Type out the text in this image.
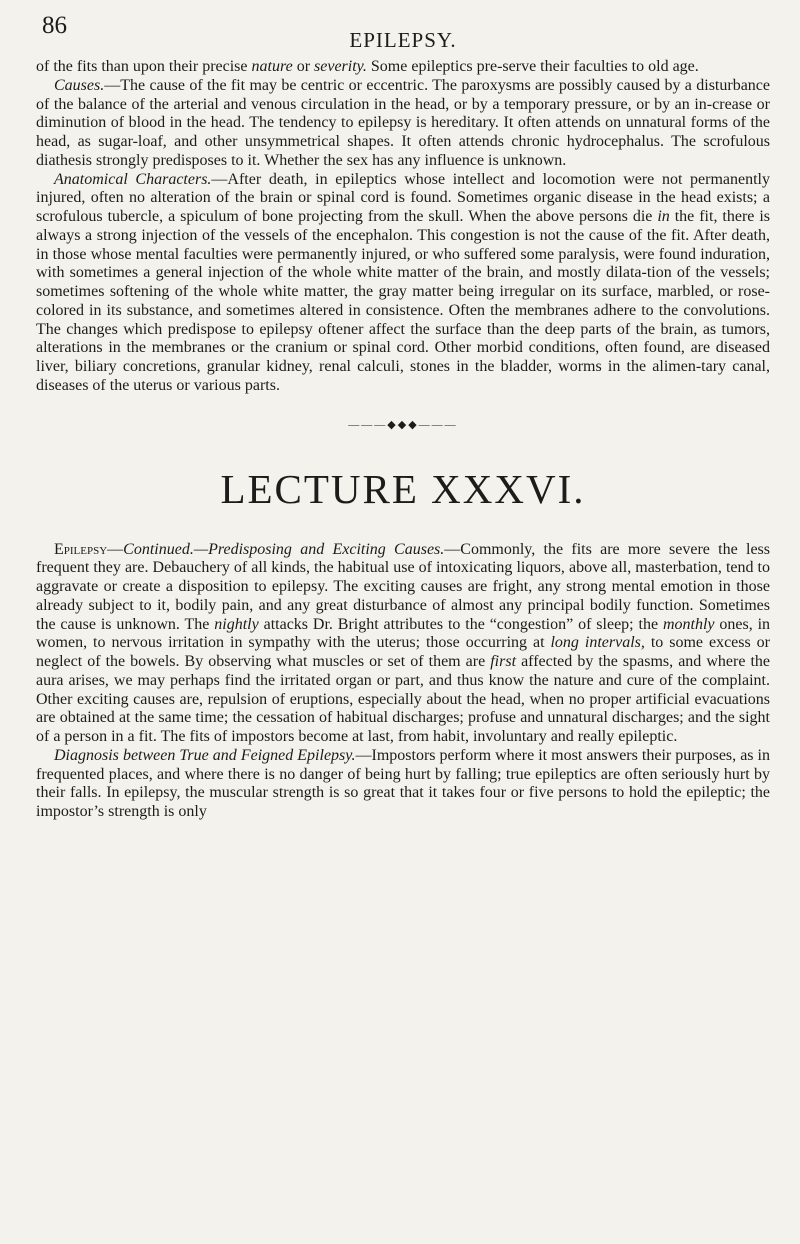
86
EPILEPSY.

of the fits than upon their precise nature or severity. Some epileptics pre-serve their faculties to old age.

Causes.—The cause of the fit may be centric or eccentric. The paroxysms are possibly caused by a disturbance of the balance of the arterial and venous circulation in the head, or by a temporary pressure, or by an in-crease or diminution of blood in the head. The tendency to epilepsy is hereditary. It often attends on unnatural forms of the head, as sugar-loaf, and other unsymmetrical shapes. It often attends chronic hydrocephalus. The scrofulous diathesis strongly predisposes to it. Whether the sex has any influence is unknown.

Anatomical Characters.—After death, in epileptics whose intellect and locomotion were not permanently injured, often no alteration of the brain or spinal cord is found. Sometimes organic disease in the head exists; a scrofulous tubercle, a spiculum of bone projecting from the skull. When the above persons die in the fit, there is always a strong injection of the vessels of the encephalon. This congestion is not the cause of the fit. After death, in those whose mental faculties were permanently injured, or who suffered some paralysis, were found induration, with sometimes a general injection of the whole white matter of the brain, and mostly dilata-tion of the vessels; sometimes softening of the whole white matter, the gray matter being irregular on its surface, marbled, or rose-colored in its substance, and sometimes altered in consistence. Often the membranes adhere to the convolutions. The changes which predispose to epilepsy oftener affect the surface than the deep parts of the brain, as tumors, alterations in the membranes or the cranium or spinal cord. Other morbid conditions, often found, are diseased liver, biliary concretions, granular kidney, renal calculi, stones in the bladder, worms in the alimen-tary canal, diseases of the uterus or various parts.

———◆◆◆———
LECTURE XXXVI.

Epilepsy—Continued.—Predisposing and Exciting Causes.—Commonly, the fits are more severe the less frequent they are. Debauchery of all kinds, the habitual use of intoxicating liquors, above all, masterbation, tend to aggravate or create a disposition to epilepsy. The exciting causes are fright, any strong mental emotion in those already subject to it, bodily pain, and any great disturbance of almost any principal bodily function. Sometimes the cause is unknown. The nightly attacks Dr. Bright attributes to the “congestion” of sleep; the monthly ones, in women, to nervous irritation in sympathy with the uterus; those occurring at long intervals, to some excess or neglect of the bowels. By observing what muscles or set of them are first affected by the spasms, and where the aura arises, we may perhaps find the irritated organ or part, and thus know the nature and cure of the complaint. Other exciting causes are, repulsion of eruptions, especially about the head, when no proper artificial evacuations are obtained at the same time; the cessation of habitual discharges; profuse and unnatural discharges; and the sight of a person in a fit. The fits of impostors become at last, from habit, involuntary and really epileptic.

Diagnosis between True and Feigned Epilepsy.—Impostors perform where it most answers their purposes, as in frequented places, and where there is no danger of being hurt by falling; true epileptics are often seriously hurt by their falls. In epilepsy, the muscular strength is so great that it takes four or five persons to hold the epileptic; the impostor’s strength is only
